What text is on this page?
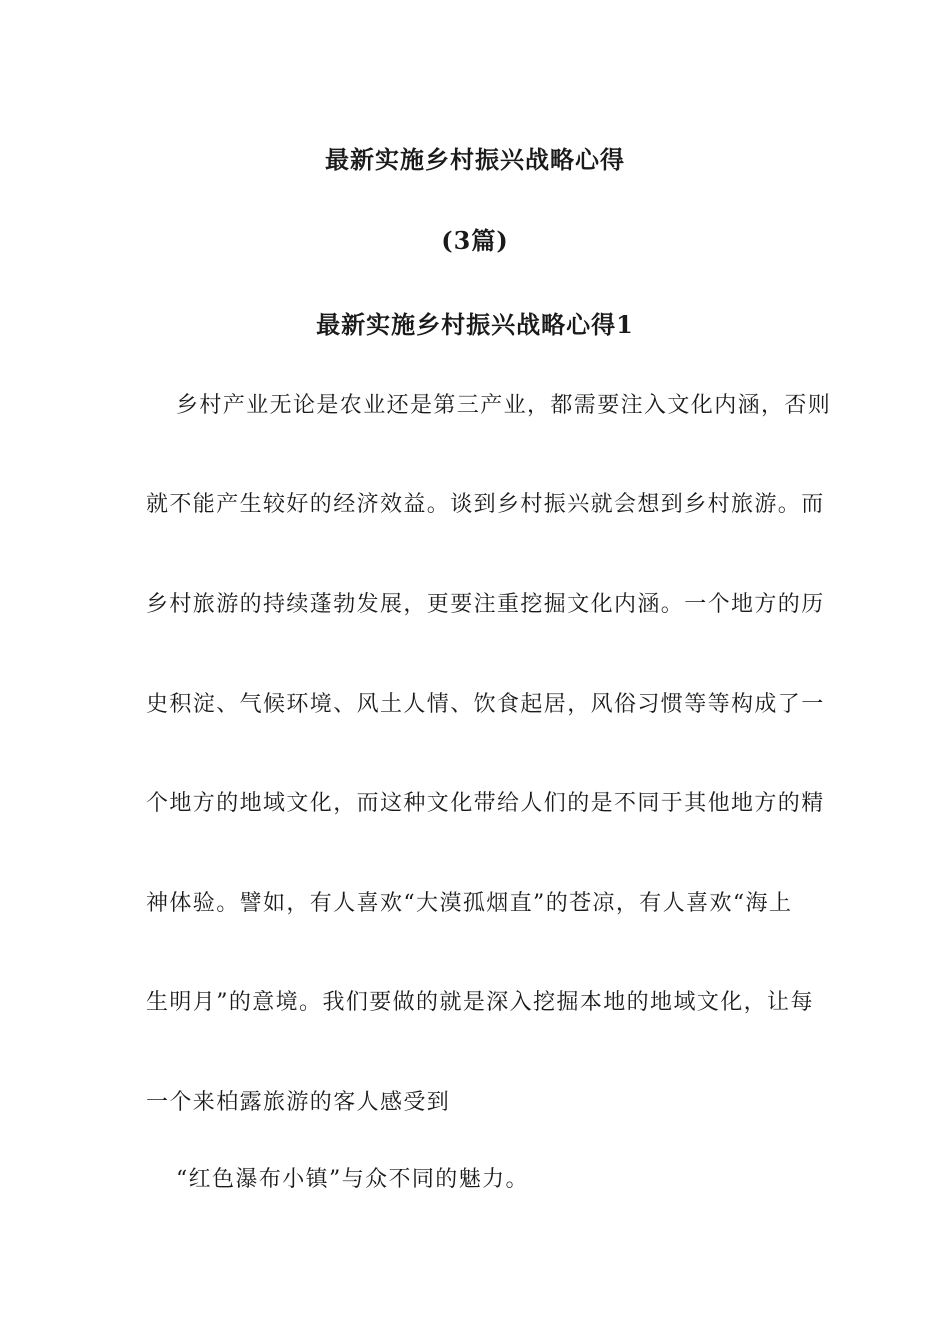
最新实施乡村振兴战略心得
(3篇)
最新实施乡村振兴战略心得1
乡村产业无论是农业还是第三产业，都需要注入文化内涵，否则
就不能产生较好的经济效益。谈到乡村振兴就会想到乡村旅游。而
乡村旅游的持续蓬勃发展，更要注重挖掘文化内涵。一个地方的历
史积淀、气候环境、风土人情、饮食起居，风俗习惯等等构成了一
个地方的地域文化，而这种文化带给人们的是不同于其他地方的精
神体验。譬如，有人喜欢“大漠孤烟直”的苍凉，有人喜欢“海上
生明月”的意境。我们要做的就是深入挖掘本地的地域文化，让每
一个来柏露旅游的客人感受到
“红色瀑布小镇”与众不同的魅力。
